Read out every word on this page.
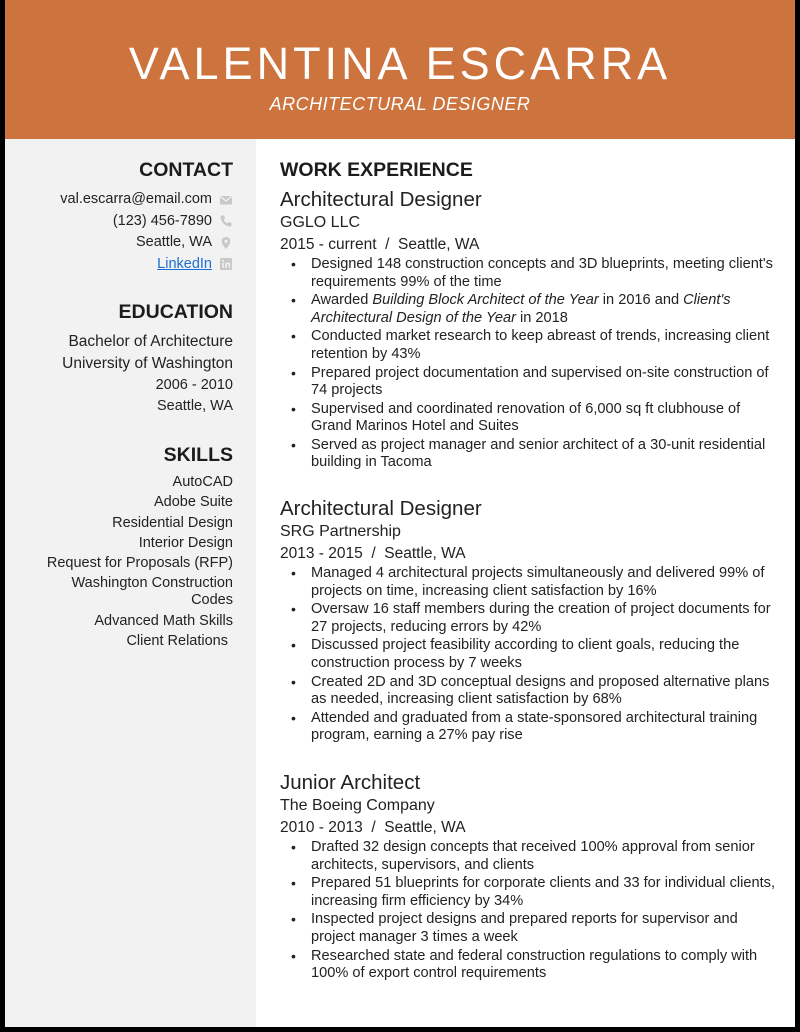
VALENTINA ESCARRA
ARCHITECTURAL DESIGNER
CONTACT
val.escarra@email.com
(123) 456-7890
Seattle, WA
LinkedIn
EDUCATION
Bachelor of Architecture
University of Washington
2006 - 2010
Seattle, WA
SKILLS
AutoCAD
Adobe Suite
Residential Design
Interior Design
Request for Proposals (RFP)
Washington Construction Codes
Advanced Math Skills
Client Relations
WORK EXPERIENCE
Architectural Designer
GGLO LLC
2015 - current  /  Seattle, WA
• Designed 148 construction concepts and 3D blueprints, meeting client's requirements 99% of the time
• Awarded Building Block Architect of the Year in 2016 and Client's Architectural Design of the Year in 2018
• Conducted market research to keep abreast of trends, increasing client retention by 43%
• Prepared project documentation and supervised on-site construction of 74 projects
• Supervised and coordinated renovation of 6,000 sq ft clubhouse of Grand Marinos Hotel and Suites
• Served as project manager and senior architect of a 30-unit residential building in Tacoma
Architectural Designer
SRG Partnership
2013 - 2015  /  Seattle, WA
• Managed 4 architectural projects simultaneously and delivered 99% of projects on time, increasing client satisfaction by 16%
• Oversaw 16 staff members during the creation of project documents for 27 projects, reducing errors by 42%
• Discussed project feasibility according to client goals, reducing the construction process by 7 weeks
• Created 2D and 3D conceptual designs and proposed alternative plans as needed, increasing client satisfaction by 68%
• Attended and graduated from a state-sponsored architectural training program, earning a 27% pay rise
Junior Architect
The Boeing Company
2010 - 2013  /  Seattle, WA
• Drafted 32 design concepts that received 100% approval from senior architects, supervisors, and clients
• Prepared 51 blueprints for corporate clients and 33 for individual clients, increasing firm efficiency by 34%
• Inspected project designs and prepared reports for supervisor and project manager 3 times a week
• Researched state and federal construction regulations to comply with 100% of export control requirements
